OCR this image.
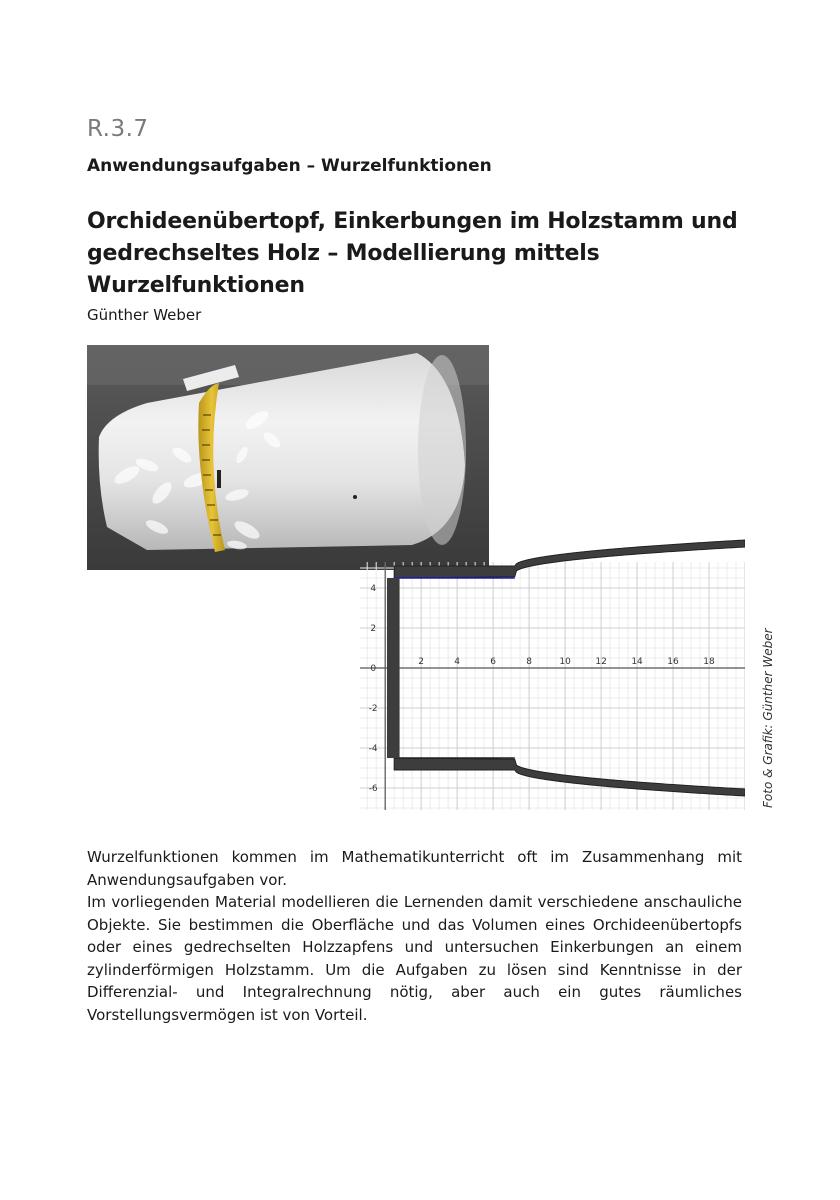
R.3.7
Anwendungsaufgaben – Wurzelfunktionen
Orchideenübertopf, Einkerbungen im Holzstamm und gedrechseltes Holz – Modellierung mittels Wurzelfunktionen
Günther Weber
2	4	6	8	10	12	14	16	18
4
2
0
-2
-4
-6	Foto & Grafik: Günther Weber

Wurzelfunktionen kommen im Mathematikunterricht oft im Zusammenhang mit Anwendungsaufgaben vor.

Im vorliegenden Material modellieren die Lernenden damit verschiedene anschauliche Objekte. Sie bestimmen die Oberfläche und das Volumen eines Orchideenübertopfs oder eines gedrechselten Holzzapfens und untersuchen Einkerbungen an einem zylinderförmigen Holzstamm. Um die Aufgaben zu lösen sind Kenntnisse in der Differenzial- und Integralrechnung nötig, aber auch ein gutes räumliches Vorstellungsvermögen ist von Vorteil.
